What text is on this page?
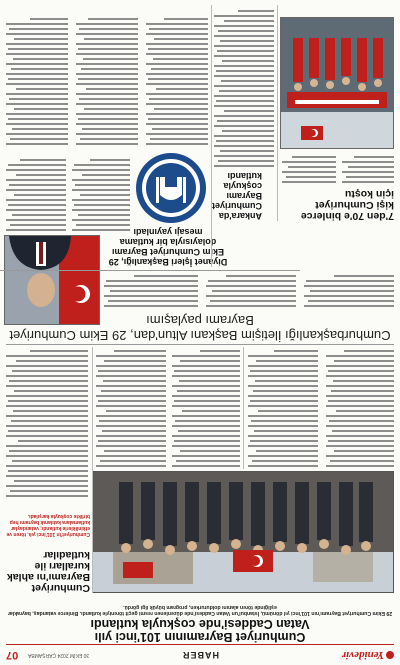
Yenidevir
HABER
30 EKİM 2024 ÇARŞAMBA
07
Cumhuriyet Bayramının 101'inci yılı
Vatan Caddesi'nde coşkuyla kutlandı
29 Ekim Cumhuriyet Bayramı'nın 101'inci yıl dönümü, İstanbul'un Vatan Caddesi'nde düzenlenen resmi geçit töreniyle kutlandı. Binlerce vatandaş, bayraklar eşliğinde tören alanını doldururken, program büyük ilgi gördü.
Cumhuriyet Bayramı'nı ahlak kuralları ile kutladılar
Cumhuriyet'in 101'inci yılı, tören ve etkinliklerle kutlandı; vatandaşlar kutlamalara katılarak bayramı hep birlikte coşkuyla karşıladı.
Cumhurbaşkanlığı İletişim Başkanı Altun'dan, 29 Ekim Cumhuriyet Bayramı paylaşımı
Diyanet İşleri Başkanlığı, 29 Ekim Cumhuriyet Bayramı dolayısıyla bir kutlama mesajı yayınladı
Ankara'da Cumhuriyet Bayramı coşkuyla kutlandı
7'den 70'e binlerce kişi Cumhuriyet için koştu
